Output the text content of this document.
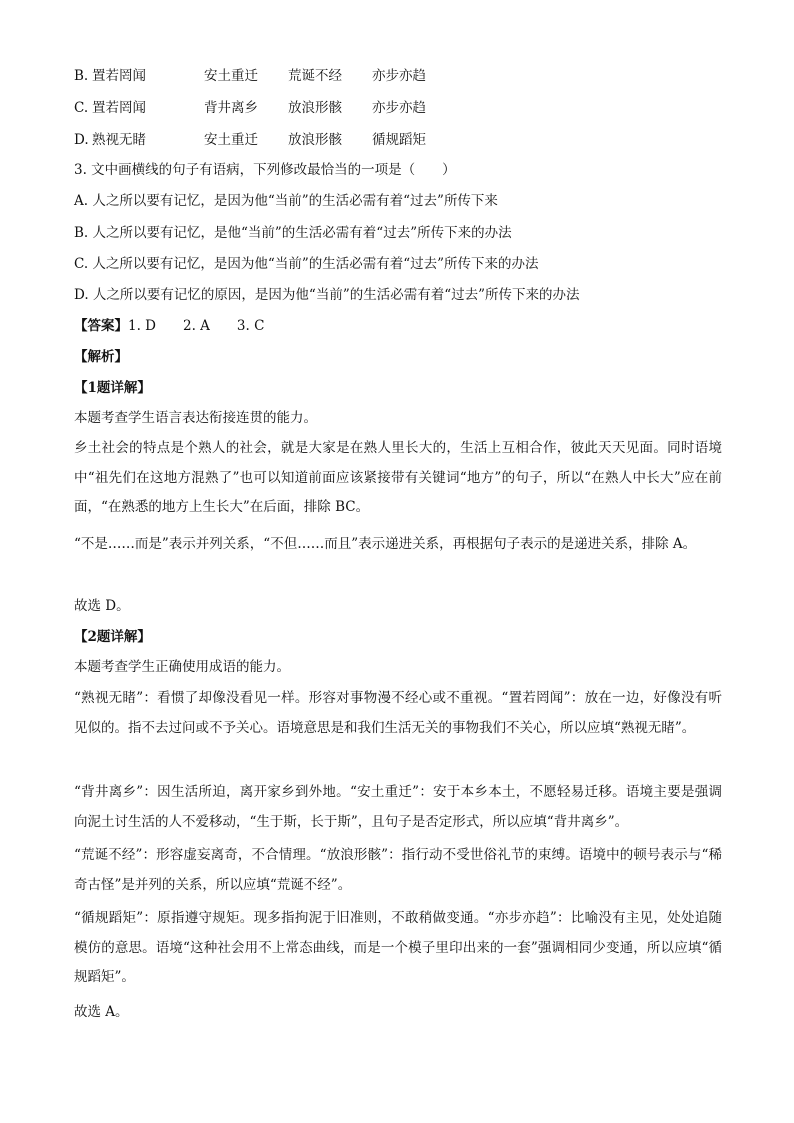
B. 置若罔闻	安土重迁 荒诞不经 亦步亦趋
C. 置若罔闻	背井离乡 放浪形骸 亦步亦趋
D. 熟视无睹	安土重迁 放浪形骸 循规蹈矩
3. 文中画横线的句子有语病，下列修改最恰当的一项是（　　）
A. 人之所以要有记忆，是因为他“当前”的生活必需有着“过去”所传下来
B. 人之所以要有记忆，是他“当前”的生活必需有着“过去”所传下来的办法
C. 人之所以要有记忆，是因为他“当前”的生活必需有着“过去”所传下来的办法
D. 人之所以要有记忆的原因，是因为他“当前”的生活必需有着“过去”所传下来的办法
【答案】1. D　　2. A　　3. C
【解析】
【1题详解】
本题考查学生语言表达衔接连贯的能力。
乡土社会的特点是个熟人的社会，就是大家是在熟人里长大的，生活上互相合作，彼此天天见面。同时语境中“祖先们在这地方混熟了”也可以知道前面应该紧接带有关键词“地方”的句子，所以“在熟人中长大”应在前面，“在熟悉的地方上生长大”在后面，排除 BC。
“不是……而是”表示并列关系，“不但……而且”表示递进关系，再根据句子表示的是递进关系，排除 A。
故选 D。
【2题详解】
本题考查学生正确使用成语的能力。
“熟视无睹”：看惯了却像没看见一样。形容对事物漫不经心或不重视。“置若罔闻”：放在一边，好像没有听见似的。指不去过问或不予关心。语境意思是和我们生活无关的事物我们不关心，所以应填“熟视无睹”。
“背井离乡”：因生活所迫，离开家乡到外地。“安土重迁”：安于本乡本土，不愿轻易迁移。语境主要是强调向泥土讨生活的人不爱移动，“生于斯，长于斯”，且句子是否定形式，所以应填“背井离乡”。
“荒诞不经”：形容虚妄离奇，不合情理。“放浪形骸”：指行动不受世俗礼节的束缚。语境中的顿号表示与“稀奇古怪”是并列的关系，所以应填“荒诞不经”。
“循规蹈矩”：原指遵守规矩。现多指拘泥于旧准则，不敢稍做变通。“亦步亦趋”：比喻没有主见，处处追随模仿的意思。语境“这种社会用不上常态曲线，而是一个模子里印出来的一套”强调相同少变通，所以应填“循规蹈矩”。
故选 A。
